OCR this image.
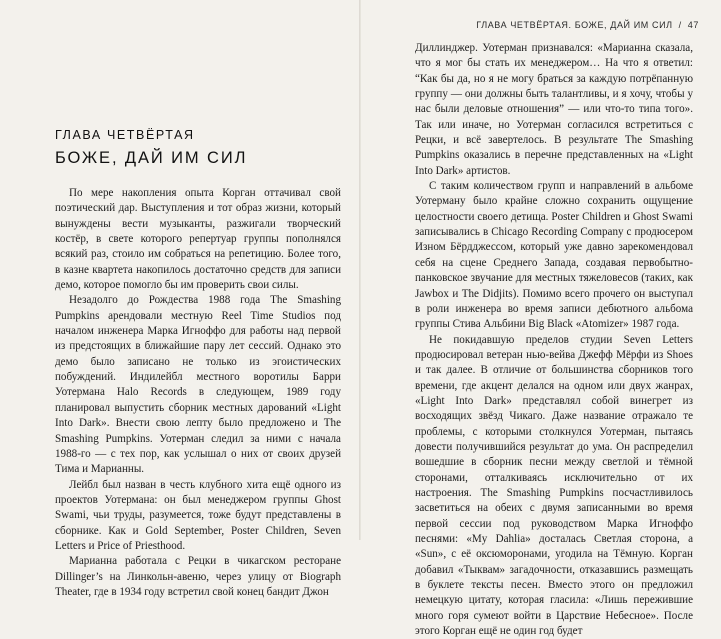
ГЛАВА ЧЕТВЁРТАЯ
БОЖЕ, ДАЙ ИМ СИЛ

По мере накопления опыта Корган оттачивал свой поэтический дар. Выступления и тот образ жизни, который вынуждены вести музыканты, разжигали творческий костёр, в свете которого репертуар группы пополнялся всякий раз, стоило им собраться на репетицию. Более того, в казне квартета накопилось достаточно средств для записи демо, которое помогло бы им проверить свои силы.

Незадолго до Рождества 1988 года The Smashing Pumpkins арендовали местную Reel Time Studios под началом инженера Марка Игноффо для работы над первой из предстоящих в ближайшие пару лет сессий. Однако это демо было записано не только из эгоистических побуждений. Индилейбл местного воротилы Барри Уотермана Halo Records в следующем, 1989 году планировал выпустить сборник местных дарований «Light Into Dark». Внести свою лепту было предложено и The Smashing Pumpkins. Уотерман следил за ними с начала 1988-го — с тех пор, как услышал о них от своих друзей Тима и Марианны.

Лейбл был назван в честь клубного хита ещё одного из проектов Уотермана: он был менеджером группы Ghost Swami, чьи труды, разумеется, тоже будут представлены в сборнике. Как и Gold September, Poster Children, Seven Letters и Price of Priesthood.

Марианна работала с Рецки в чикагском ресторане Dillinger’s на Линкольн-авеню, через улицу от Biograph Theater, где в 1934 году встретил свой конец бандит Джон

ГЛАВА ЧЕТВЁРТАЯ. БОЖЕ, ДАЙ ИМ СИЛ / 47

Диллинджер. Уотерман признавался: «Марианна сказала, что я мог бы стать их менеджером… На что я ответил: “Как бы да, но я не могу браться за каждую потрёпанную группу — они должны быть талантливы, и я хочу, чтобы у нас были деловые отношения” — или что-то типа того». Так или иначе, но Уотерман согласился встретиться с Рецки, и всё завертелось. В результате The Smashing Pumpkins оказались в перечне представленных на «Light Into Dark» артистов.

С таким количеством групп и направлений в альбоме Уотерману было крайне сложно сохранить ощущение целостности своего детища. Poster Children и Ghost Swami записывались в Chicago Recording Company с продюсером Изном Бёрдджессом, который уже давно зарекомендовал себя на сцене Среднего Запада, создавая первобытно-панковское звучание для местных тяжеловесов (таких, как Jawbox и The Didjits). Помимо всего прочего он выступал в роли инженера во время записи дебютного альбома группы Стива Альбини Big Black «Atomizer» 1987 года.

Не покидавшую пределов студии Seven Letters продюсировал ветеран нью-вейва Джефф Мёрфи из Shoes и так далее. В отличие от большинства сборников того времени, где акцент делался на одном или двух жанрах, «Light Into Dark» представлял собой винегрет из восходящих звёзд Чикаго. Даже название отражало те проблемы, с которыми столкнулся Уотерман, пытаясь довести получившийся результат до ума. Он распределил вошедшие в сборник песни между светлой и тёмной сторонами, отталкиваясь исключительно от их настроения. The Smashing Pumpkins посчастливилось засветиться на обеих с двумя записанными во время первой сессии под руководством Марка Игноффо песнями: «My Dahlia» досталась Светлая сторона, а «Sun», с её оксюморонами, угодила на Тёмную. Корган добавил «Тыквам» загадочности, отказавшись размещать в буклете тексты песен. Вместо этого он предложил немецкую цитату, которая гласила: «Лишь пережившие много горя сумеют войти в Царствие Небесное». После этого Корган ещё не один год будет
